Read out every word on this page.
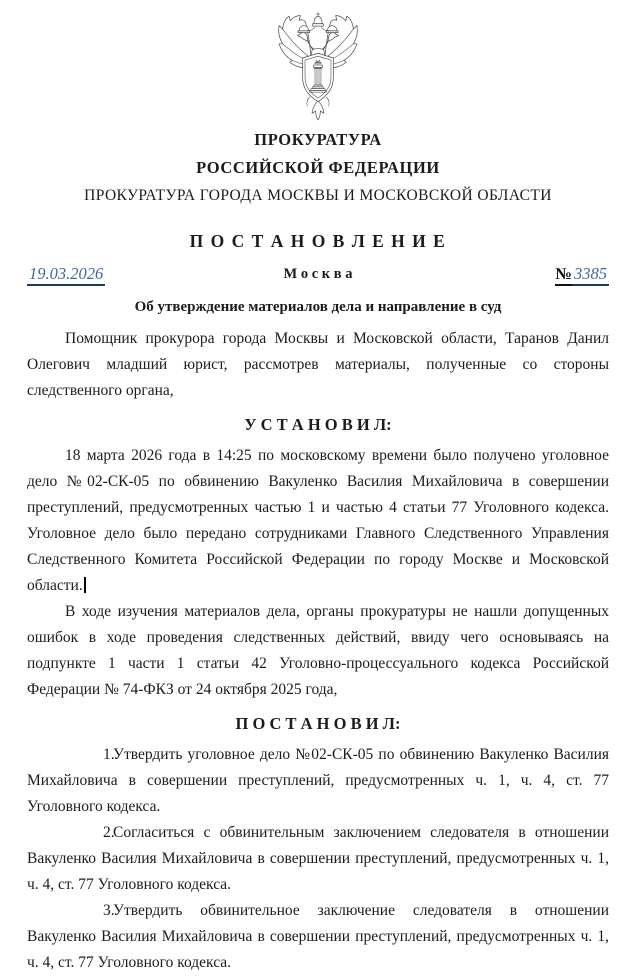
ПРОКУРАТУРА
РОССИЙСКОЙ ФЕДЕРАЦИИ
ПРОКУРАТУРА ГОРОДА МОСКВЫ И МОСКОВСКОЙ ОБЛАСТИ
П О С Т А Н О В Л Е Н И Е
19.03.2026	М о с к в а	№ 3385
Об утверждение материалов дела и направление в суд

Помощник прокурора города Москвы и Московской области, Таранов Данил Олегович младший юрист, рассмотрев материалы, полученные со стороны следственного органа,

У С Т А Н О В И Л:

18 марта 2026 года в 14:25 по московскому времени было получено уголовное дело №02-СК-05 по обвинению Вакуленко Василия Михайловича в совершении преступлений, предусмотренных частью 1 и частью 4 статьи 77 Уголовного кодекса. Уголовное дело было передано сотрудниками Главного Следственного Управления Следственного Комитета Российской Федерации по городу Москве и Московской области.

В ходе изучения материалов дела, органы прокуратуры не нашли допущенных ошибок в ходе проведения следственных действий, ввиду чего основываясь на подпункте 1 части 1 статьи 42 Уголовно-процессуального кодекса Российской Федерации № 74-ФКЗ от 24 октября 2025 года,

П О С Т А Н О В И Л:

1.Утвердить уголовное дело №02-СК-05 по обвинению Вакуленко Василия Михайловича в совершении преступлений, предусмотренных ч. 1, ч. 4, ст. 77 Уголовного кодекса.

2.Согласиться с обвинительным заключением следователя в отношении Вакуленко Василия Михайловича в совершении преступлений, предусмотренных ч. 1, ч. 4, ст. 77 Уголовного кодекса.

3.Утвердить обвинительное заключение следователя в отношении Вакуленко Василия Михайловича в совершении преступлений, предусмотренных ч. 1, ч. 4, ст. 77 Уголовного кодекса.
